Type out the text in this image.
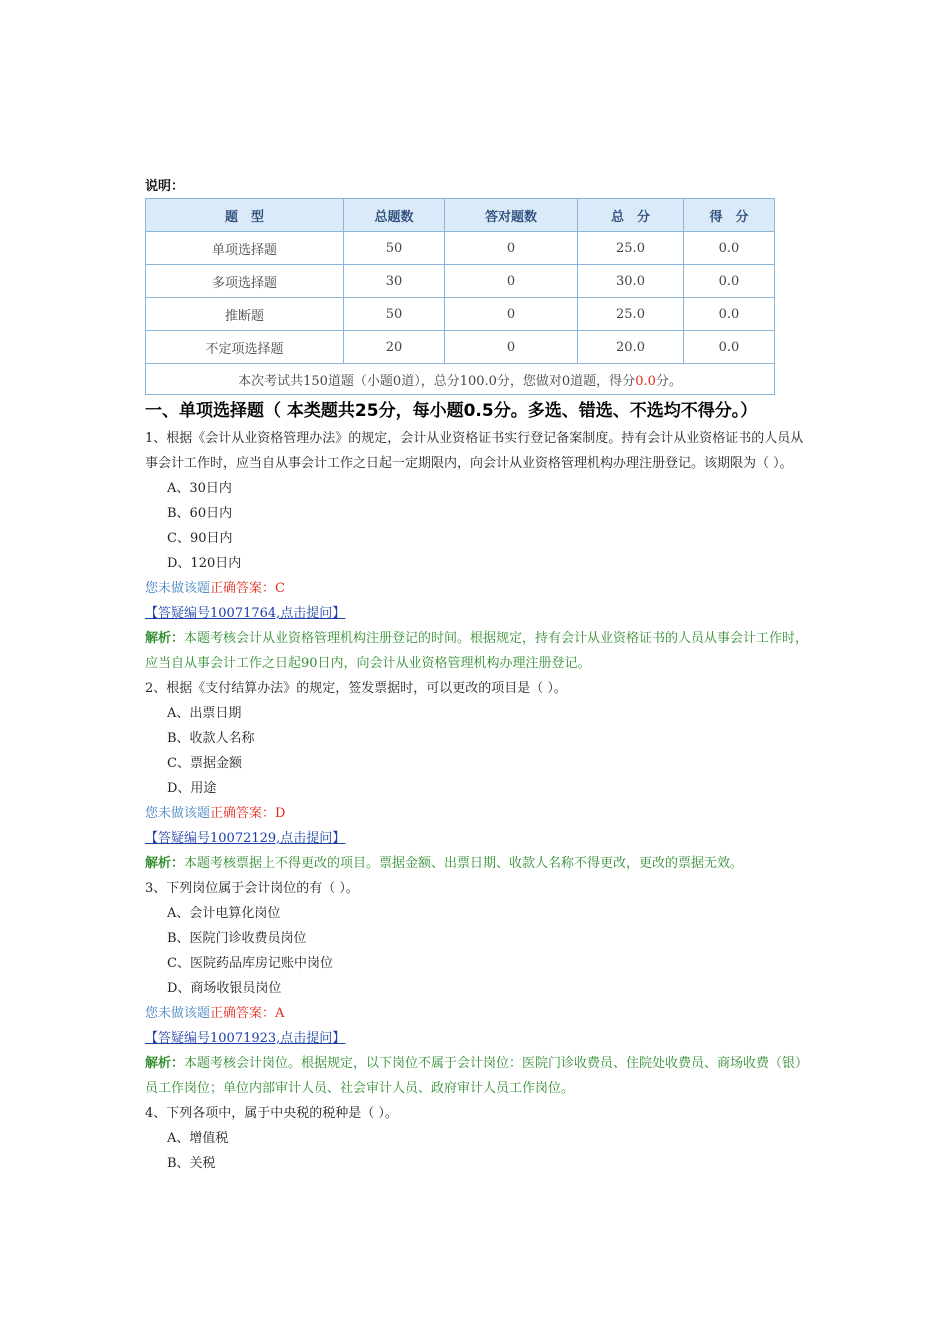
说明：
题　型	总题数	答对题数	总　分	得　分
单项选择题	50	0	25.0	0.0
多项选择题	30	0	30.0	0.0
推断题	50	0	25.0	0.0
不定项选择题	20	0	20.0	0.0
本次考试共150道题（小题0道），总分100.0分，您做对0道题，得分0.0分。				
一、单项选择题（ 本类题共25分，每小题0.5分。多选、错选、不选均不得分。）
1、根据《会计从业资格管理办法》的规定，会计从业资格证书实行登记备案制度。持有会计从业资格证书的人员从事会计工作时，应当自从事会计工作之日起一定期限内，向会计从业资格管理机构办理注册登记。该期限为（ ）。
A、30日内
B、60日内
C、90日内
D、120日内
您未做该题正确答案：C
【答疑编号10071764,点击提问】
解析：本题考核会计从业资格管理机构注册登记的时间。根据规定，持有会计从业资格证书的人员从事会计工作时，应当自从事会计工作之日起90日内，向会计从业资格管理机构办理注册登记。
2、根据《支付结算办法》的规定，签发票据时，可以更改的项目是（ ）。
A、出票日期
B、收款人名称
C、票据金额
D、用途
您未做该题正确答案：D
【答疑编号10072129,点击提问】
解析：本题考核票据上不得更改的项目。票据金额、出票日期、收款人名称不得更改，更改的票据无效。
3、下列岗位属于会计岗位的有（ ）。
A、会计电算化岗位
B、医院门诊收费员岗位
C、医院药品库房记账中岗位
D、商场收银员岗位
您未做该题正确答案：A
【答疑编号10071923,点击提问】
解析：本题考核会计岗位。根据规定，以下岗位不属于会计岗位：医院门诊收费员、住院处收费员、商场收费（银）员工作岗位；单位内部审计人员、社会审计人员、政府审计人员工作岗位。
4、下列各项中，属于中央税的税种是（ ）。
A、增值税
B、关税
